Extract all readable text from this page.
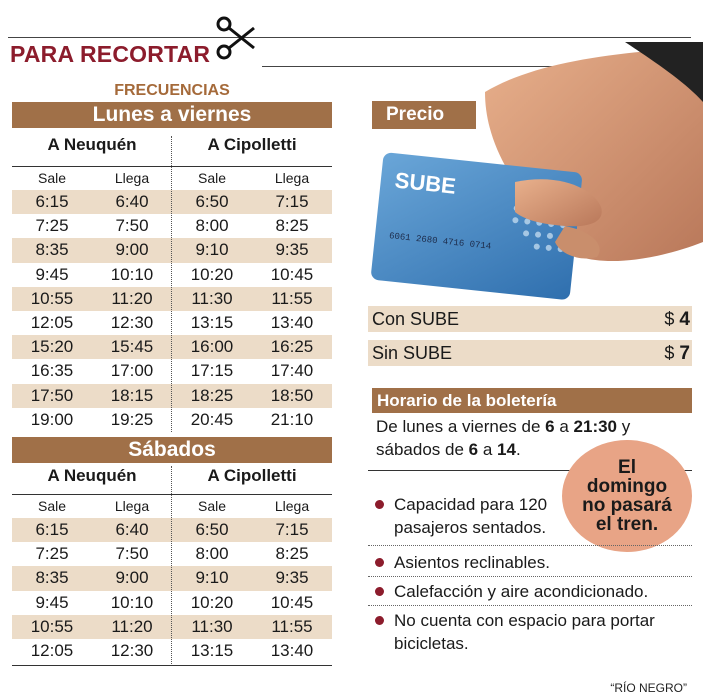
PARA RECORTAR
FRECUENCIAS
Lunes a viernes
A Neuquén	A Cipolletti
Sale	Llega	Sale	Llega
6:15	6:40	6:50	7:15
7:25	7:50	8:00	8:25
8:35	9:00	9:10	9:35
9:45	10:10	10:20	10:45
10:55	11:20	11:30	11:55
12:05	12:30	13:15	13:40
15:20	15:45	16:00	16:25
16:35	17:00	17:15	17:40
17:50	18:15	18:25	18:50
19:00	19:25	20:45	21:10
Sábados
A Neuquén	A Cipolletti
Sale	Llega	Sale	Llega
6:15	6:40	6:50	7:15
7:25	7:50	8:00	8:25
8:35	9:00	9:10	9:35
9:45	10:10	10:20	10:45
10:55	11:20	11:30	11:55
12:05	12:30	13:15	13:40
SUBE
6061 2680 4716 0714
Precio
Con SUBE	$ 4
Sin SUBE	$ 7
Horario de la boletería
De lunes a viernes de 6 a 21:30 y
sábados de 6 a 14.
El
domingo
no pasará
el tren.
Capacidad para 120 pasajeros sentados.
Asientos reclinables.
Calefacción y aire acondicionado.
No cuenta con espacio para portar bicicletas.
“RÍO NEGRO”
